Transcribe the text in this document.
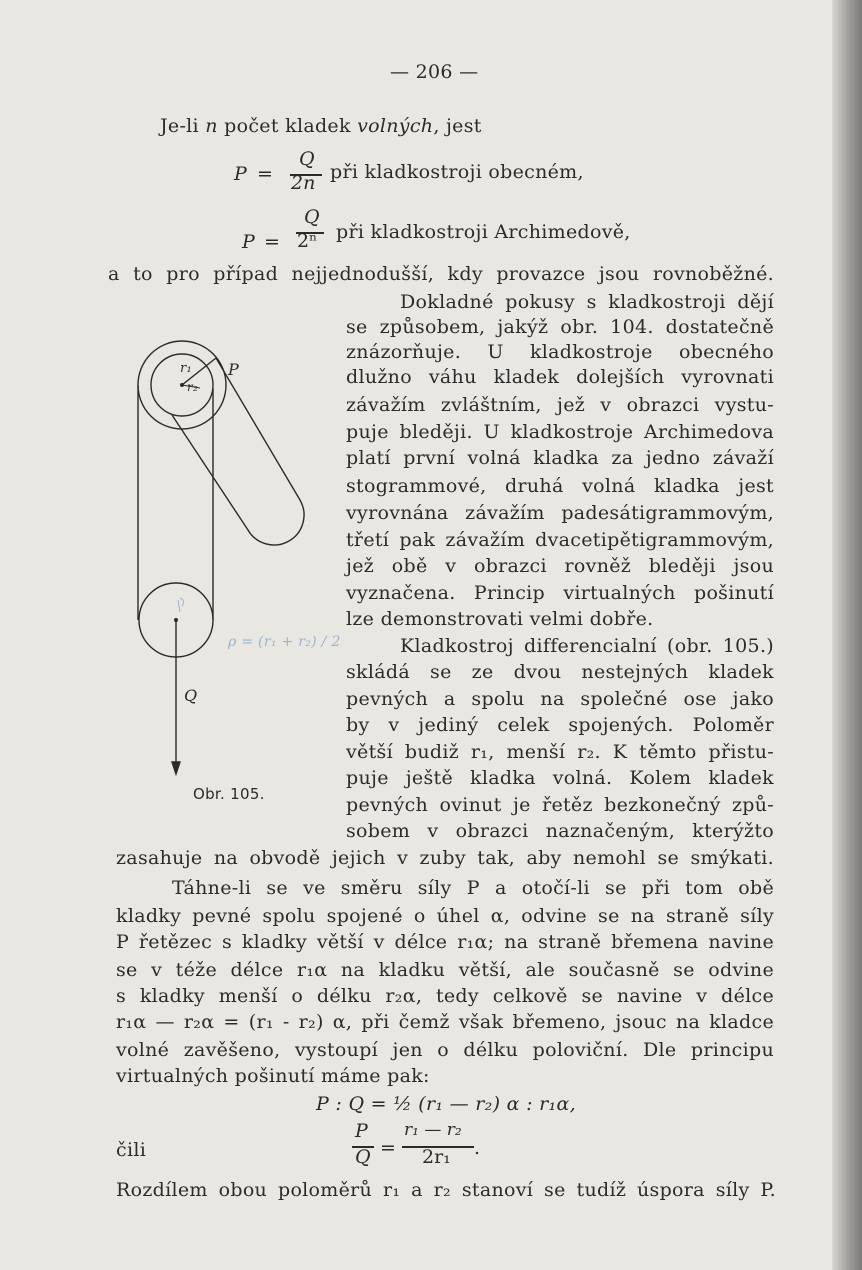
— 206 —
Je-li n počet kladek volných, jest
P =
Q
2n při kladkostroji obecném,
P =
Q
2ⁿ při kladkostroji Archimedově,
a to pro případ nejjednodušší, kdy provazce jsou rovnoběžné.
Dokladné pokusy s kladkostroji dějí
se způsobem, jakýž obr. 104. dostatečně
znázorňuje. U kladkostroje obecného
dlužno váhu kladek dolejších vyrovnati
závažím zvláštním, jež v obrazci vystu-
puje bleději. U kladkostroje Archimedova
platí první volná kladka za jedno závaží
stogrammové, druhá volná kladka jest
vyrovnána závažím padesátigrammovým,
třetí pak závažím dvacetipětigrammovým,
jež obě v obrazci rovněž bleději jsou
vyznačena. Princip virtualných pošinutí
lze demonstrovati velmi dobře.
Kladkostroj differencialní (obr. 105.)
skládá se ze dvou nestejných kladek
pevných a spolu na společné ose jako
by v jediný celek spojených. Poloměr
větší budiž r₁, menší r₂. K těmto přistu-
puje ještě kladka volná. Kolem kladek
pevných ovinut je řetěz bezkonečný způ-
sobem v obrazci naznačeným, kterýžto
r₁
r₂
P
Q
Obr. 105.
ρ = (r₁ + r₂) / 2
zasahuje na obvodě jejich v zuby tak, aby nemohl se smýkati.
Táhne-li se ve směru síly P a otočí-li se při tom obě
kladky pevné spolu spojené o úhel α, odvine se na straně síly
P řetězec s kladky větší v délce r₁α; na straně břemena navine
se v téže délce r₁α na kladku větší, ale současně se odvine
s kladky menší o délku r₂α, tedy celkově se navine v délce
r₁α — r₂α = (r₁ - r₂) α, při čemž však břemeno, jsouc na kladce
volné zavěšeno, vystoupí jen o délku poloviční. Dle principu
virtualných pošinutí máme pak:
P : Q = ½ (r₁ — r₂) α : r₁α,
čili
P
Q =
r₁ — r₂
2r₁ .
Rozdílem obou poloměrů r₁ a r₂ stanoví se tudíž úspora síly P.
